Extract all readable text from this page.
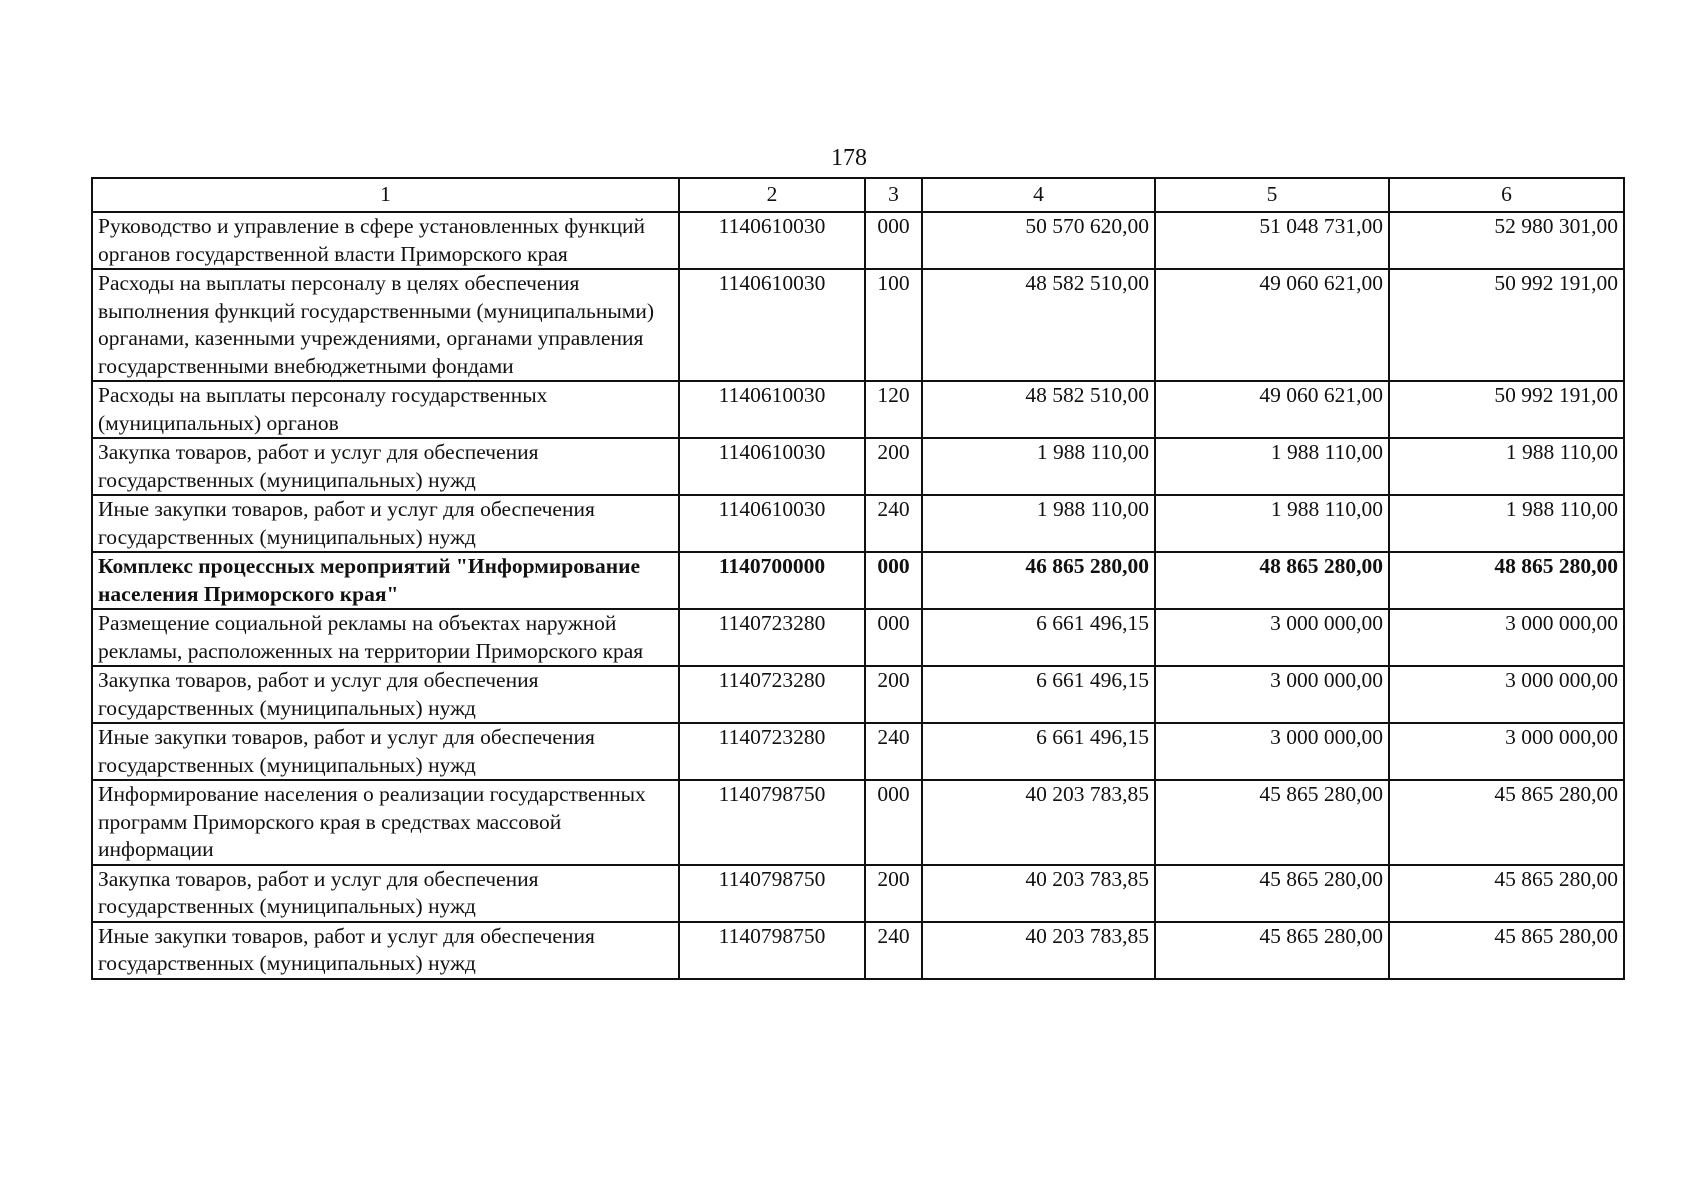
178
1	2	3	4	5	6
Руководство и управление в сфере установленных функций органов государственной власти Приморского края	1140610030	000	50 570 620,00	51 048 731,00	52 980 301,00
Расходы на выплаты персоналу в целях обеспечения выполнения функций государственными (муниципальными) органами, казенными учреждениями, органами управления государственными внебюджетными фондами	1140610030	100	48 582 510,00	49 060 621,00	50 992 191,00
Расходы на выплаты персоналу государственных (муниципальных) органов	1140610030	120	48 582 510,00	49 060 621,00	50 992 191,00
Закупка товаров, работ и услуг для обеспечения государственных (муниципальных) нужд	1140610030	200	1 988 110,00	1 988 110,00	1 988 110,00
Иные закупки товаров, работ и услуг для обеспечения государственных (муниципальных) нужд	1140610030	240	1 988 110,00	1 988 110,00	1 988 110,00
Комплекс процессных мероприятий "Информирование населения Приморского края"	1140700000	000	46 865 280,00	48 865 280,00	48 865 280,00
Размещение социальной рекламы на объектах наружной рекламы, расположенных на территории Приморского края	1140723280	000	6 661 496,15	3 000 000,00	3 000 000,00
Закупка товаров, работ и услуг для обеспечения государственных (муниципальных) нужд	1140723280	200	6 661 496,15	3 000 000,00	3 000 000,00
Иные закупки товаров, работ и услуг для обеспечения государственных (муниципальных) нужд	1140723280	240	6 661 496,15	3 000 000,00	3 000 000,00
Информирование населения о реализации государственных программ Приморского края в средствах массовой информации	1140798750	000	40 203 783,85	45 865 280,00	45 865 280,00
Закупка товаров, работ и услуг для обеспечения государственных (муниципальных) нужд	1140798750	200	40 203 783,85	45 865 280,00	45 865 280,00
Иные закупки товаров, работ и услуг для обеспечения государственных (муниципальных) нужд	1140798750	240	40 203 783,85	45 865 280,00	45 865 280,00
